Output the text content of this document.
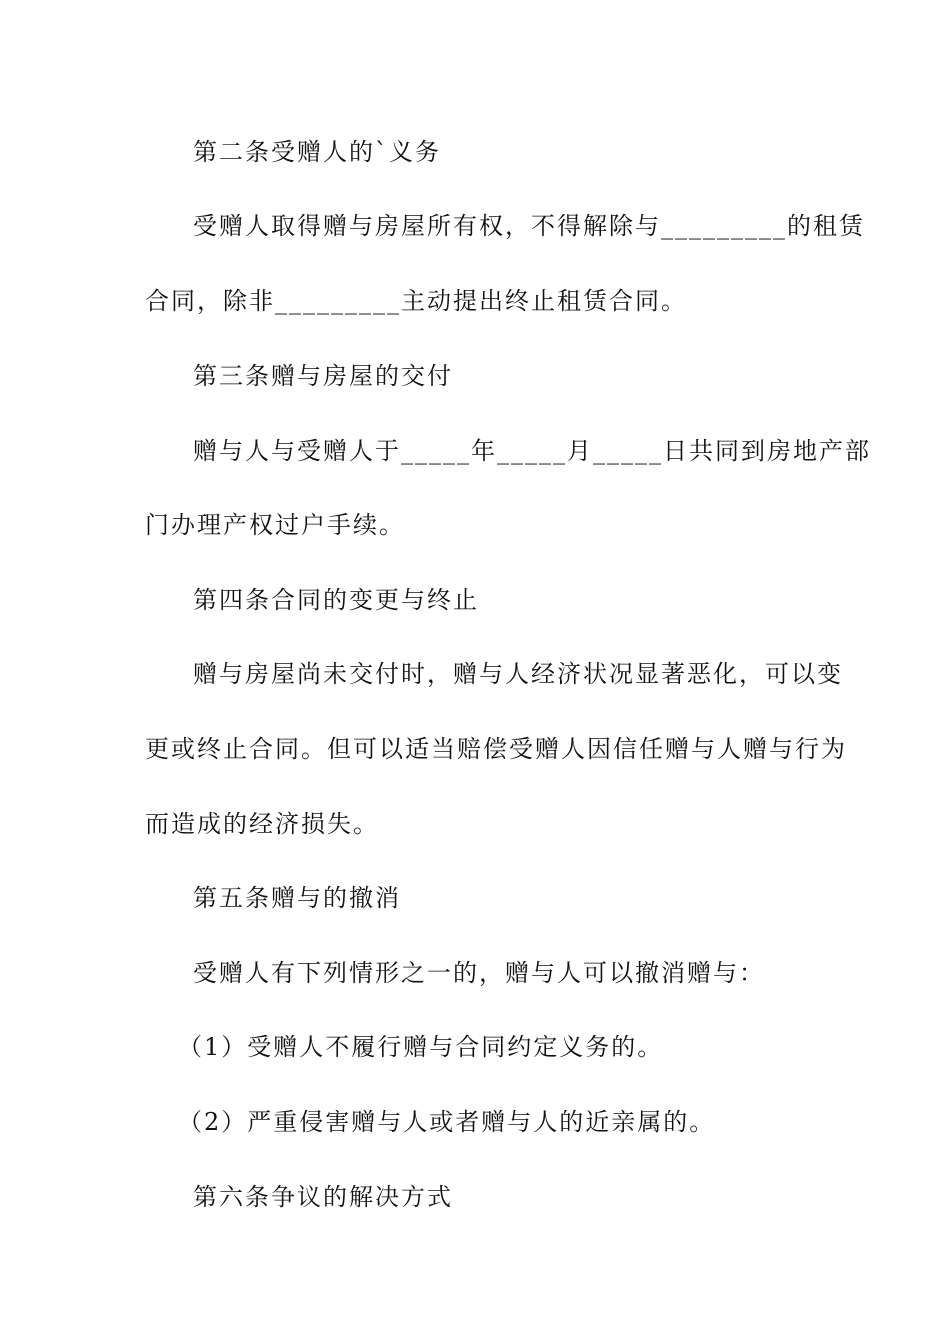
第二条受赠人的`义务
受赠人取得赠与房屋所有权，不得解除与_________的租赁
合同，除非_________主动提出终止租赁合同。
第三条赠与房屋的交付
赠与人与受赠人于_____年_____月_____日共同到房地产部
门办理产权过户手续。
第四条合同的变更与终止
赠与房屋尚未交付时，赠与人经济状况显著恶化，可以变
更或终止合同。但可以适当赔偿受赠人因信任赠与人赠与行为
而造成的经济损失。
第五条赠与的撤消
受赠人有下列情形之一的，赠与人可以撤消赠与：
（1）受赠人不履行赠与合同约定义务的。
（2）严重侵害赠与人或者赠与人的近亲属的。
第六条争议的解决方式
